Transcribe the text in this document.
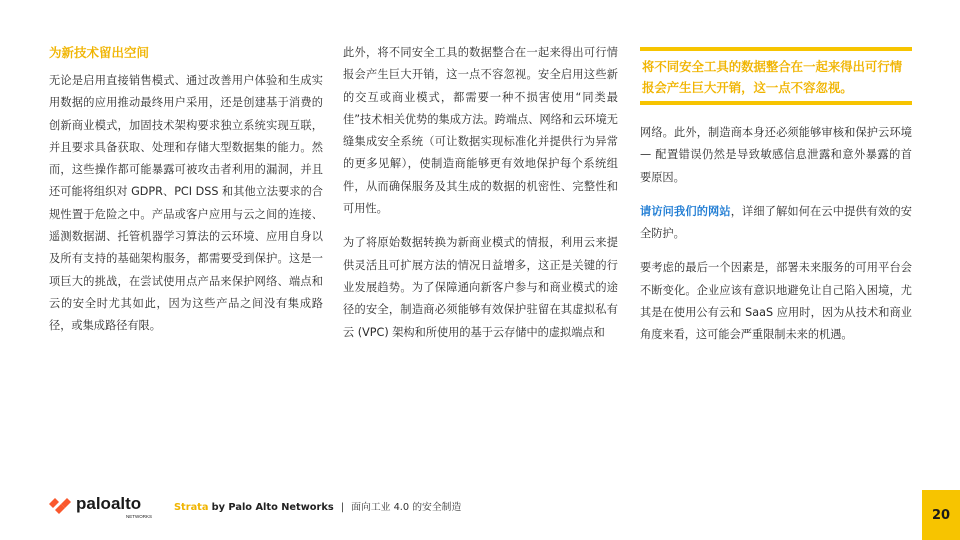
为新技术留出空间

无论是启用直接销售模式、通过改善用户体验和生成实用数据的应用推动最终用户采用，还是创建基于消费的创新商业模式，加固技术架构要求独立系统实现互联，并且要求具备获取、处理和存储大型数据集的能力。然而，这些操作都可能暴露可被攻击者利用的漏洞，并且还可能将组织对 GDPR、PCI DSS 和其他立法要求的合规性置于危险之中。产品或客户应用与云之间的连接、遥测数据湖、托管机器学习算法的云环境、应用自身以及所有支持的基础架构服务，都需要受到保护。这是一项巨大的挑战，在尝试使用点产品来保护网络、端点和云的安全时尤其如此，因为这些产品之间没有集成路径，或集成路径有限。

此外，将不同安全工具的数据整合在一起来得出可行情报会产生巨大开销，这一点不容忽视。安全启用这些新的交互或商业模式，都需要一种不损害使用“同类最佳”技术相关优势的集成方法。跨端点、网络和云环境无缝集成安全系统（可让数据实现标准化并提供行为异常的更多见解），使制造商能够更有效地保护每个系统组件，从而确保服务及其生成的数据的机密性、完整性和可用性。

为了将原始数据转换为新商业模式的情报，利用云来提供灵活且可扩展方法的情况日益增多，这正是关键的行业发展趋势。为了保障通向新客户参与和商业模式的途径的安全，制造商必须能够有效保护驻留在其虚拟私有云 (VPC) 架构和所使用的基于云存储中的虚拟端点和

将不同安全工具的数据整合在一起来得出可行情报会产生巨大开销，这一点不容忽视。

网络。此外，制造商本身还必须能够审核和保护云环境 — 配置错误仍然是导致敏感信息泄露和意外暴露的首要原因。

请访问我们的网站，详细了解如何在云中提供有效的安全防护。

要考虑的最后一个因素是，部署未来服务的可用平台会不断变化。企业应该有意识地避免让自己陷入困境，尤其是在使用公有云和 SaaS 应用时，因为从技术和商业角度来看，这可能会严重限制未来的机遇。

paloalto
NETWORKS
Strata by Palo Alto Networks | 面向工业 4.0 的安全制造	20
